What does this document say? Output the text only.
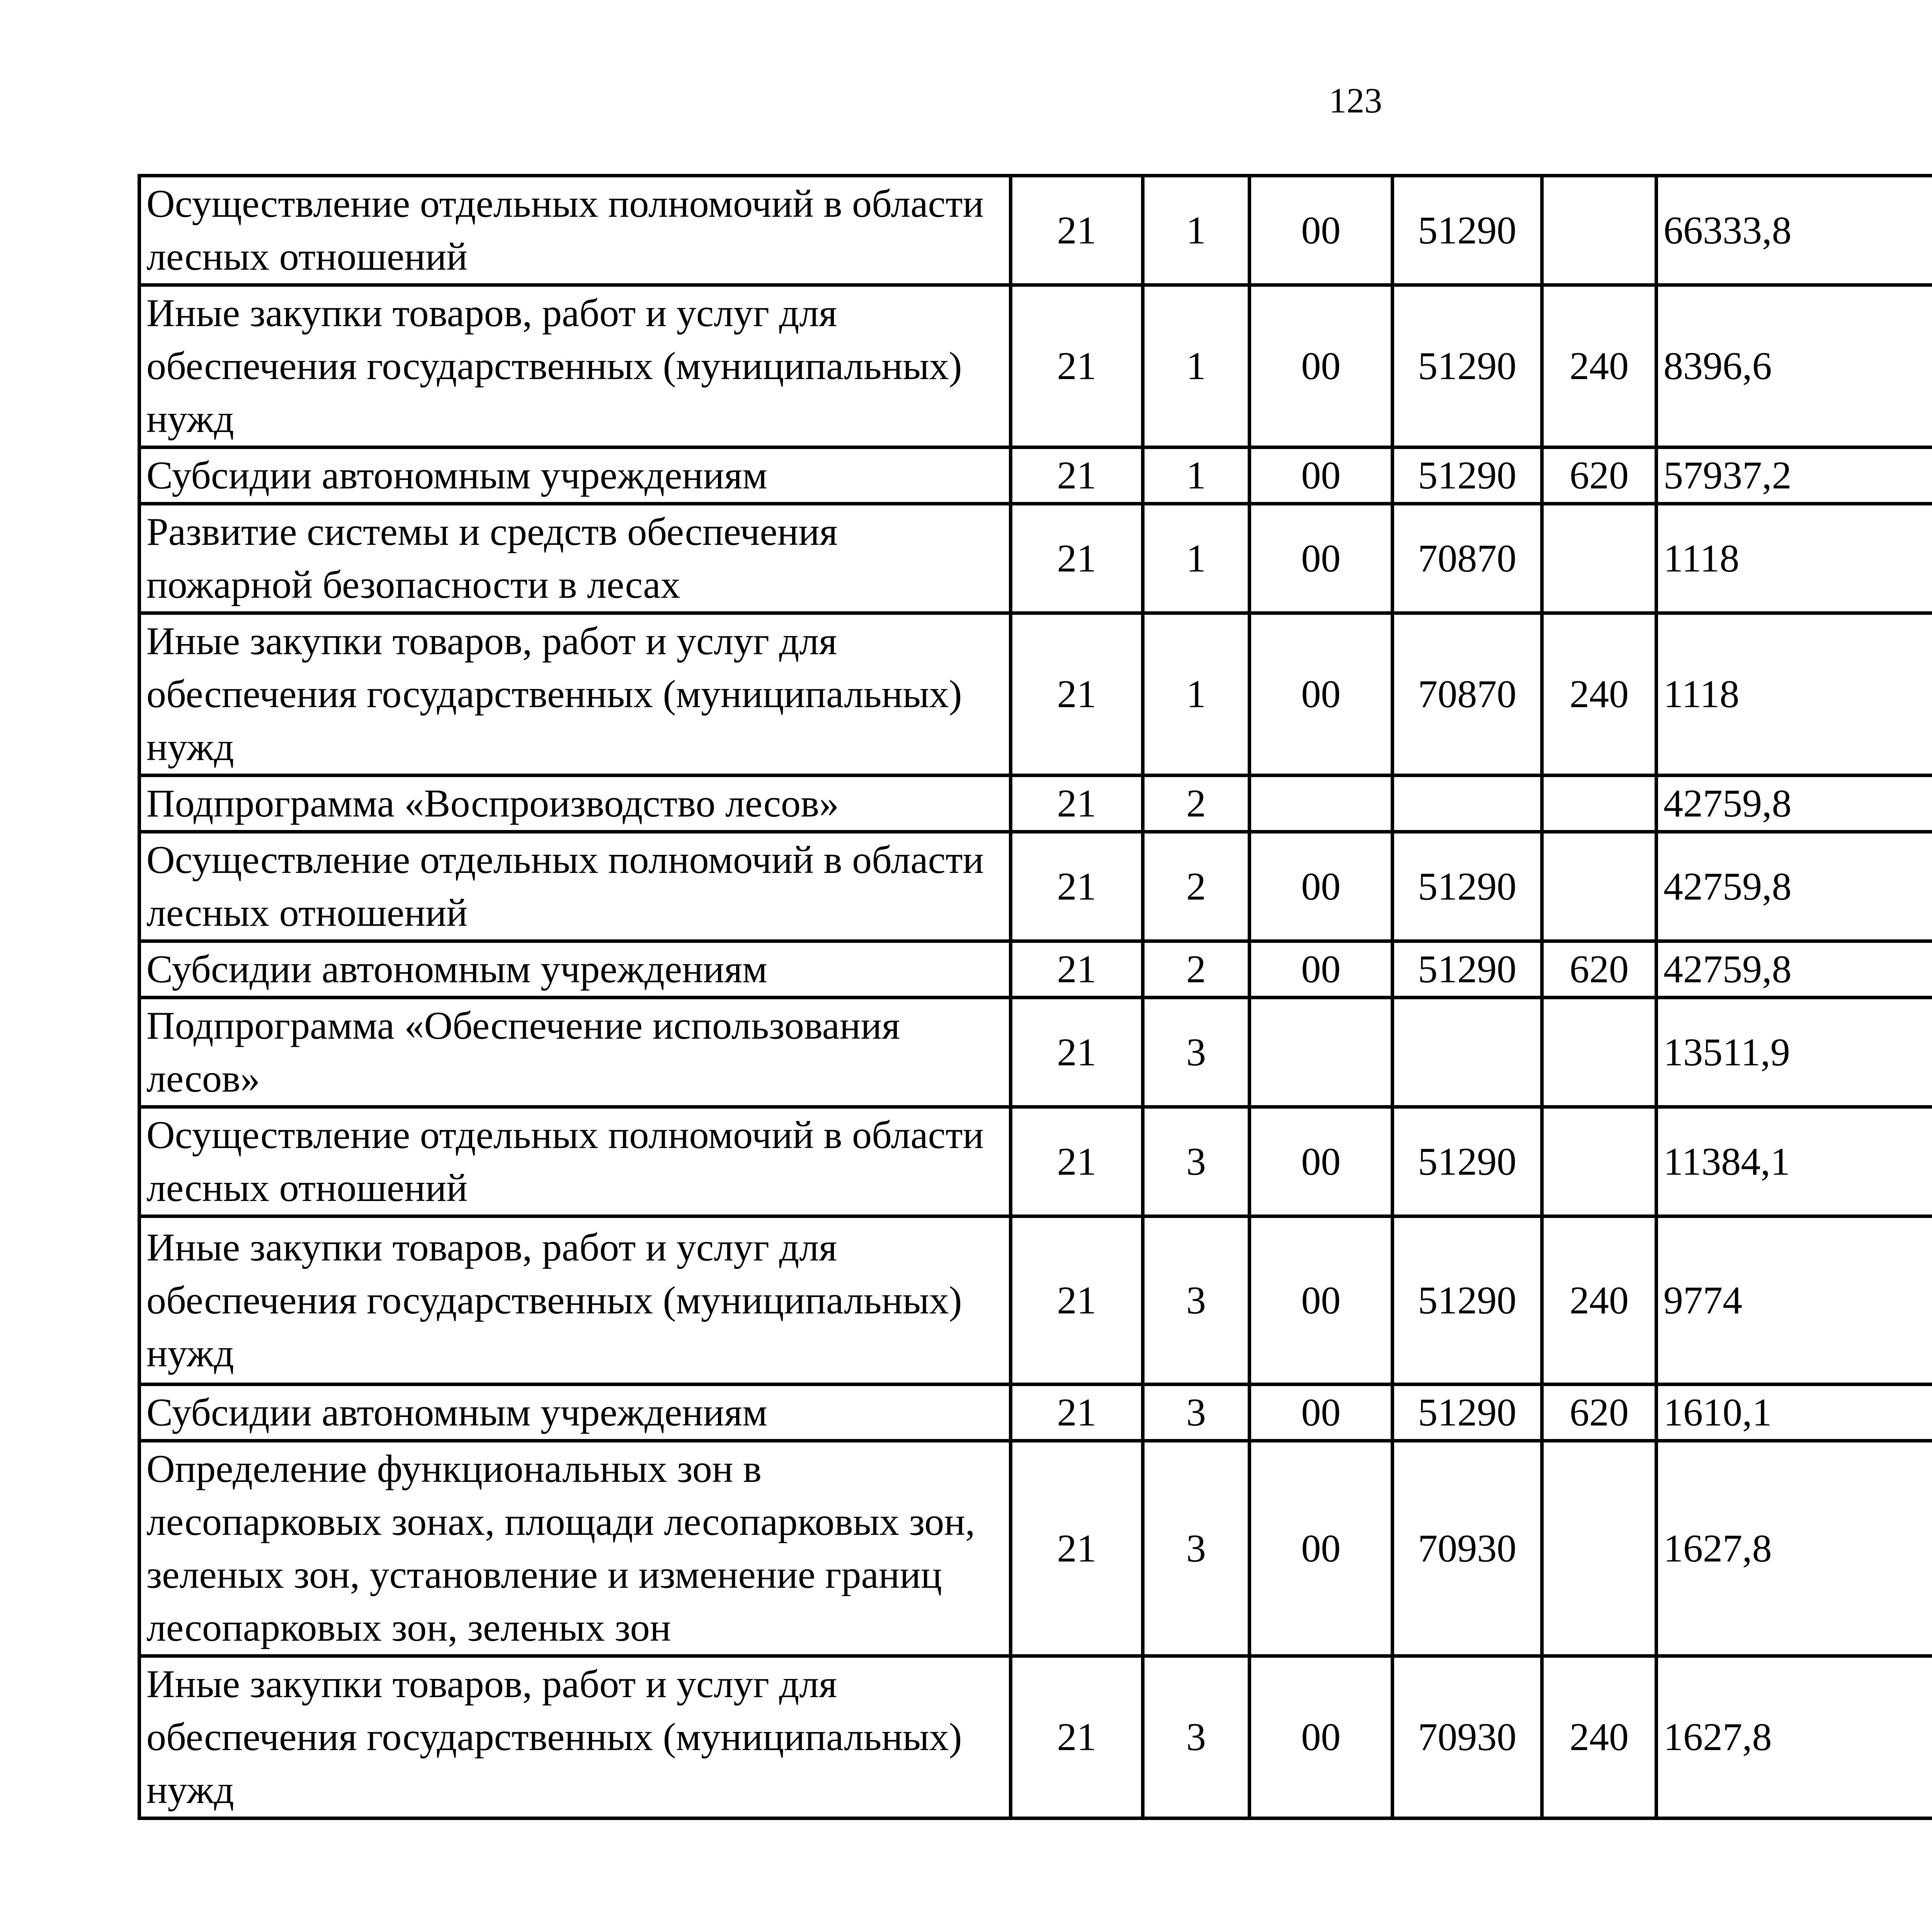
123
Осуществление отдельных полномочий в области лесных отношений	21	1	00	51290		66333,8		
Иные закупки товаров, работ и услуг для обеспечения государственных (муниципальных) нужд	21	1	00	51290	240	8396,6		
Субсидии автономным учреждениям	21	1	00	51290	620	57937,2		
Развитие системы и средств обеспечения пожарной безопасности в лесах	21	1	00	70870		1118		
Иные закупки товаров, работ и услуг для обеспечения государственных (муниципальных) нужд	21	1	00	70870	240	1118		
Подпрограмма «Воспроизводство лесов»	21	2				42759,8		
Осуществление отдельных полномочий в области лесных отношений	21	2	00	51290		42759,8		
Субсидии автономным учреждениям	21	2	00	51290	620	42759,8		
Подпрограмма «Обеспечение использования лесов»	21	3				13511,9		
Осуществление отдельных полномочий в области лесных отношений	21	3	00	51290		11384,1		
Иные закупки товаров, работ и услуг для обеспечения государственных (муниципальных) нужд	21	3	00	51290	240	9774		
Субсидии автономным учреждениям	21	3	00	51290	620	1610,1		
Определение функциональных зон в лесопарковых зонах, площади лесопарковых зон, зеленых зон, установление и изменение границ лесопарковых зон, зеленых зон	21	3	00	70930		1627,8		
Иные закупки товаров, работ и услуг для обеспечения государственных (муниципальных) нужд	21	3	00	70930	240	1627,8		
